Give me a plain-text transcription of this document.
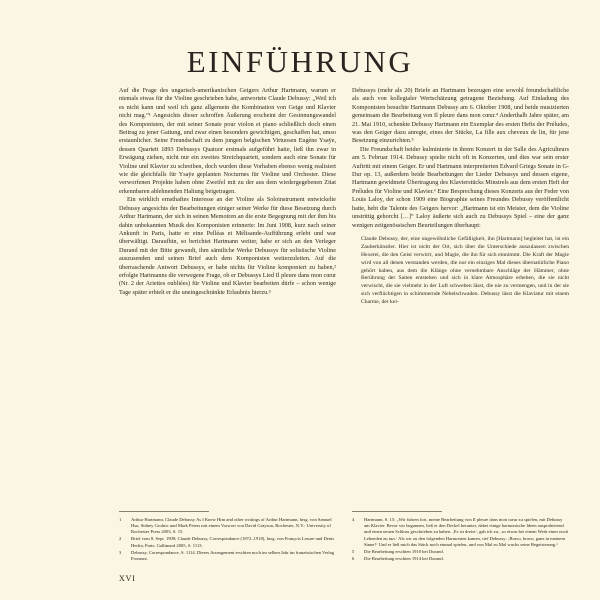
EINFÜHRUNG

Auf die Frage des ungarisch-amerikanischen Geigers Arthur Hartmann, warum er niemals etwas für die Violine geschrieben habe, antwortete Claude Debussy: „Weil ich es nicht kann und weil ich ganz allgemein die Kombination von Geige und Klavier nicht mag.“¹ Angesichts dieser schroffen Äußerung erscheint der Gesinnungswandel des Komponisten, der mit seiner Sonate pour violon et piano schließlich doch einen Beitrag zu jener Gattung, und zwar einen besonders gewichtigen, geschaffen hat, umso erstaunlicher. Seine Freundschaft zu dem jungen belgischen Virtuosen Eugène Ysaÿe, dessen Quartett 1893 Debussys Quatuor erstmals aufgeführt hatte, ließ ihn zwar in Erwägung ziehen, nicht nur ein zweites Streichquartett, sondern auch eine Sonate für Violine und Klavier zu schreiben, doch wurden diese Vorhaben ebenso wenig realisiert wie die gleichfalls für Ysaÿe geplanten Nocturnes für Violine und Orchester. Diese verworfenen Projekte haben ohne Zweifel mit zu der aus dem wiedergegebenen Zitat erkennbaren ablehnenden Haltung beigetragen.

Ein wirklich ernsthaftes Interesse an der Violine als Soloinstrument entwickelte Debussy angesichts der Bearbeitungen einiger seiner Werke für diese Besetzung durch Arthur Hartmann, der sich in seinen Memoiren an die erste Begegnung mit der ihm bis dahin unbekannten Musik des Komponisten erinnerte: Im Juni 1908, kurz nach seiner Ankunft in Paris, hatte er eine Pelléas et Mélisande-Aufführung erlebt und war überwältigt. Daraufhin, so berichtet Hartmann weiter, habe er sich an den Verleger Durand mit der Bitte gewandt, ihm sämtliche Werke Debussys für solistische Violine auszusenden und seinen Brief auch dem Komponisten weiterzuleiten. Auf die überraschende Antwort Debussys, er habe nichts für Violine komponiert zu haben,² erfolgte Hartmanns die verwegene Frage, ob er Debussys Lied Il pleure dans mon cœur (Nr. 2 der Ariettes oubliées) für Violine und Klavier bearbeiten dürfe – schon wenige Tage später erhielt er die uneingeschränkte Erlaubnis hierzu.³

Debussys (mehr als 20) Briefe an Hartmann bezeugen eine sowohl freundschaftliche als auch von kollegialer Wertschätzung getragene Beziehung. Auf Einladung des Komponisten besuchte Hartmann Debussy am 6. Oktober 1908, und beide musizierten gemeinsam die Bearbeitung von Il pleure dans mon cœur.⁴ Anderthalb Jahre später, am 21. Mai 1910, schenkte Debussy Hartmann ein Exemplar des ersten Hefts der Préludes, was den Geiger dazu anregte, eines der Stücke, La fille aux cheveux de lin, für jene Besetzung einzurichten.⁵

Die Freundschaft beider kulminierte in ihrem Konzert in der Salle des Agriculteurs am 5. Februar 1914. Debussy spielte nicht oft in Konzerten, und dies war sein erster Auftritt mit einem Geiger. Er und Hartmann interpretierten Edvard Griegs Sonate in G-Dur op. 13, außerdem beide Bearbeitungen der Lieder Debussys und dessen eigene, Hartmann gewidmete Übertragung des Klavierstücks Minstrels aus dem ersten Heft der Préludes für Violine und Klavier.⁶ Eine Besprechung dieses Konzerts aus der Feder von Louis Laloy, der schon 1909 eine Biographie seines Freundes Debussy veröffentlicht hatte, hebt die Talente des Geigers hervor: „Hartmann ist ein Meister, dem die Violine unstrittig gehorcht […]“ Laloy äußerte sich auch zu Debussys Spiel – eine der ganz wenigen zeitgenössischen Beurteilungen überhaupt:

Claude Debussy, der, eine ungewöhnliche Gefälligkeit, ihn [Hartmann] begleitet hat, ist ein Zauberkünstler. Hier ist nicht der Ort, sich über die Unterschiede auszulassen zwischen Hexerei, die den Geist verwirrt, und Magie, die ihn für sich einnimmt. Die Kraft der Magie wird von all denen verstanden werden, die nur ein einziges Mal dieses übernatürliche Piano gehört haben, aus dem die Klänge ohne vernehmbare Anschläge der Hämmer, ohne Berührung der Saiten entstehen und sich in klare Atmosphäre erheben, die sie nicht verwischt, die sie vielmehr in der Luft schweben lässt, die nie zu vermengen, und in der sie sich verflüchtigen in schimmernde Nebelschwaden. Debussy lässt die Klaviatur mit einem Charme, der kei-

1 Arthur Hartmann, Claude Debussy As I Knew Him and other writings of Arthur Hartmann, hrsg. von Samuel Hsu, Sidney Grolnic und Mark Peters mit einem Vorwort von David Grayson, Rochester, N.Y.: University of Rochester Press 2003, S. 15.

2 Brief vom 8. Sept. 1908; Claude Debussy, Correspondance (1872–1918), hrsg. von François Lesure und Denis Herlin, Paris: Gallimard 2005, S. 1113.

3 Debussy, Correspondance, S. 1114. Dieses Arrangement erschien noch im selben Jahr im französischen Verlag Fromont.

4 Hartmann, S. 15: „Wir fuhren fort, meine Bearbeitung von Il pleure dans mon cœur zu spielen, mit Debussy am Klavier. Bevor wir begannen, ließ er den Deckel herunter, dabei einige harmonische Ideen ausprobierend und einen neuen Schluss geschrieben zu haben. ‚Es ist dreist‘, gab ich zu, ‚so etwas bei einem Werk eines noch Lebenden zu tun.‘ Als wir zu den folgenden Harmonien kamen, rief Debussy: ‚Bravo, bravo, ganz in meinem Sinne!‘ Und er ließ mich das Stück noch einmal spielen, und von Mal zu Mal wuchs seine Begeisterung.“

5 Die Bearbeitung erschien 1910 bei Durand.

6 Die Bearbeitung erschien 1914 bei Durand.

XVI
